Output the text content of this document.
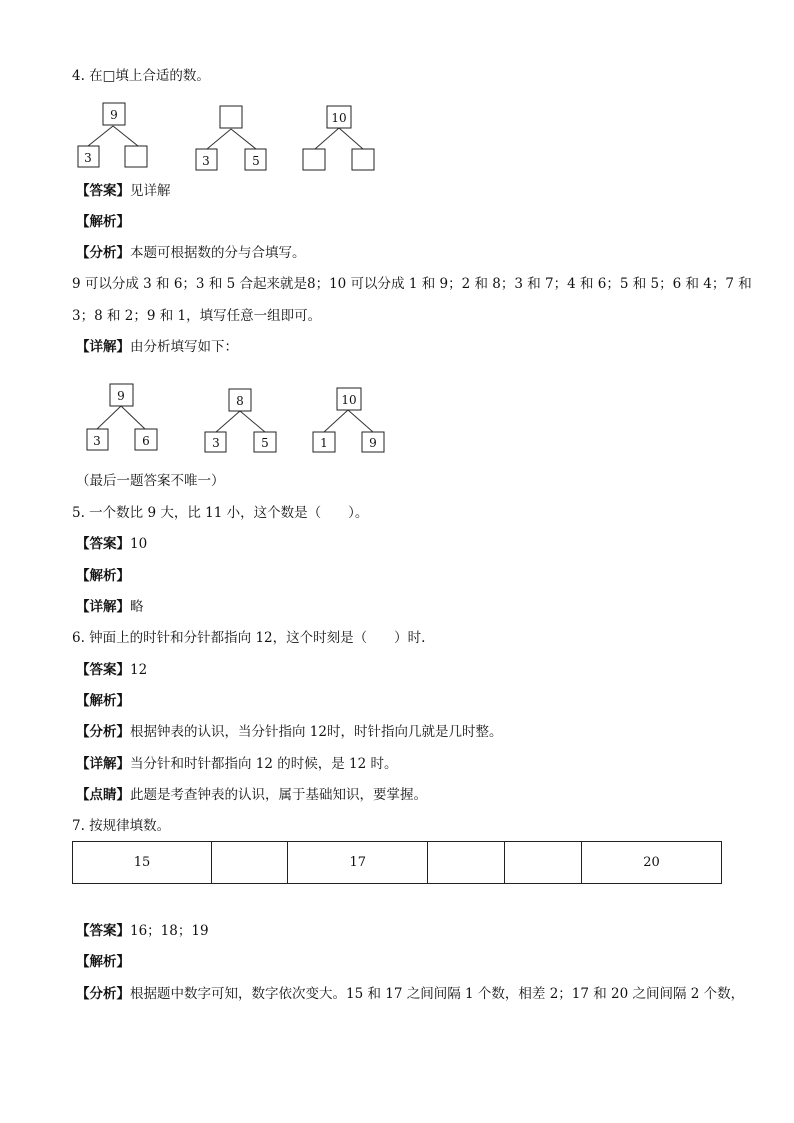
4. 在□填上合适的数。
9
3	3	5
10
9
3	6
8
3	5
10
1	9
【答案】见详解
【解析】
【分析】本题可根据数的分与合填写。
9 可以分成 3 和 6；3 和 5 合起来就是8；10 可以分成 1 和 9；2 和 8；3 和 7；4 和 6；5 和 5；6 和 4；7 和
3；8 和 2；9 和 1，填写任意一组即可。
【详解】由分析填写如下：
（最后一题答案不唯一）
5. 一个数比 9 大，比 11 小，这个数是（　　）。
【答案】10
【解析】
【详解】略
6. 钟面上的时针和分针都指向 12，这个时刻是（　　）时.
【答案】12
【解析】
【分析】根据钟表的认识，当分针指向 12时，时针指向几就是几时整。
【详解】当分针和时针都指向 12 的时候，是 12 时。
【点睛】此题是考查钟表的认识，属于基础知识，要掌握。
7. 按规律填数。
15		17			20
【答案】16；18；19
【解析】
【分析】根据题中数字可知，数字依次变大。15 和 17 之间间隔 1 个数，相差 2；17 和 20 之间间隔 2 个数，
